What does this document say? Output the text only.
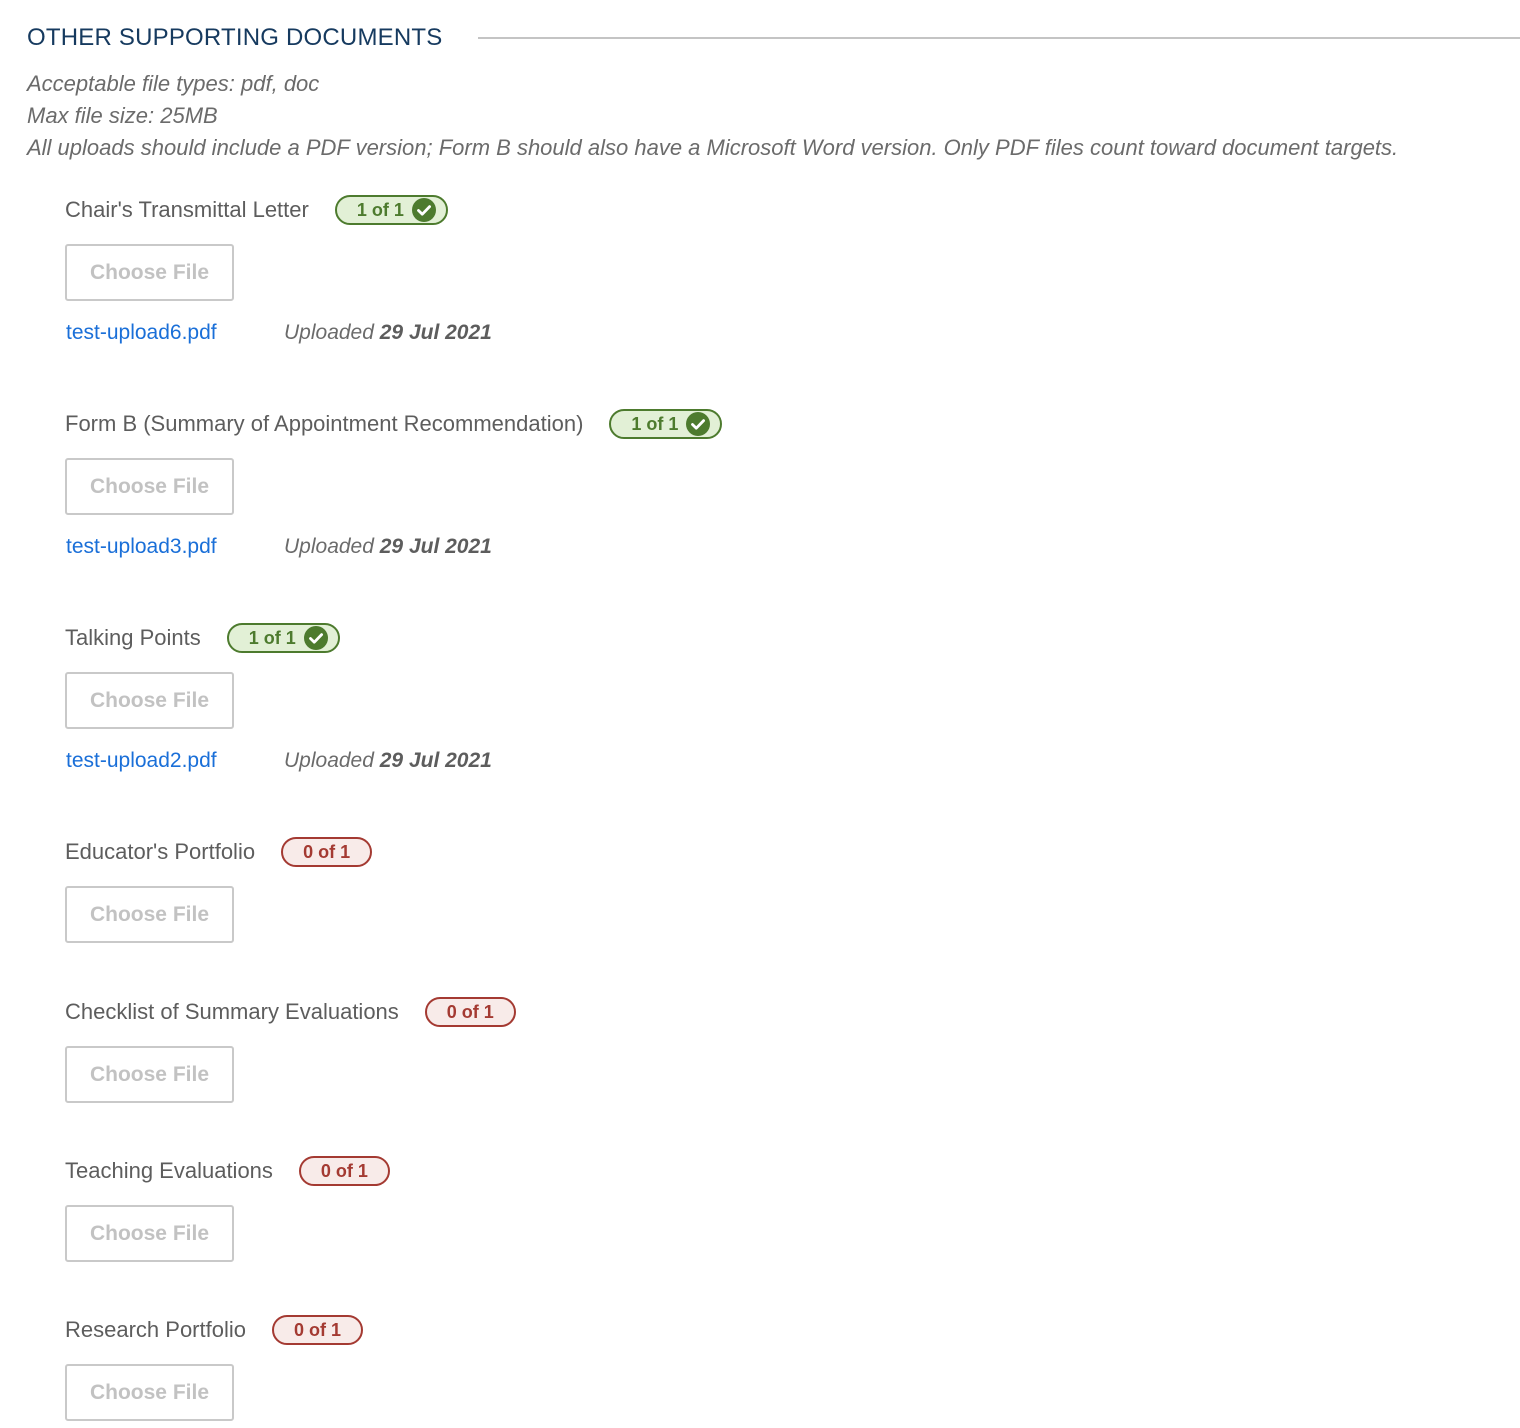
OTHER SUPPORTING DOCUMENTS
Acceptable file types: pdf, doc
Max file size: 25MB
All uploads should include a PDF version; Form B should also have a Microsoft Word version. Only PDF files count toward document targets.
Chair's Transmittal Letter	1 of 1
Choose File
test-upload6.pdf	Uploaded 29 Jul 2021
Form B (Summary of Appointment Recommendation)	1 of 1
Choose File
test-upload3.pdf	Uploaded 29 Jul 2021
Talking Points	1 of 1
Choose File
test-upload2.pdf	Uploaded 29 Jul 2021
Educator's Portfolio	0 of 1
Choose File
Checklist of Summary Evaluations	0 of 1
Choose File
Teaching Evaluations	0 of 1
Choose File
Research Portfolio	0 of 1
Choose File
